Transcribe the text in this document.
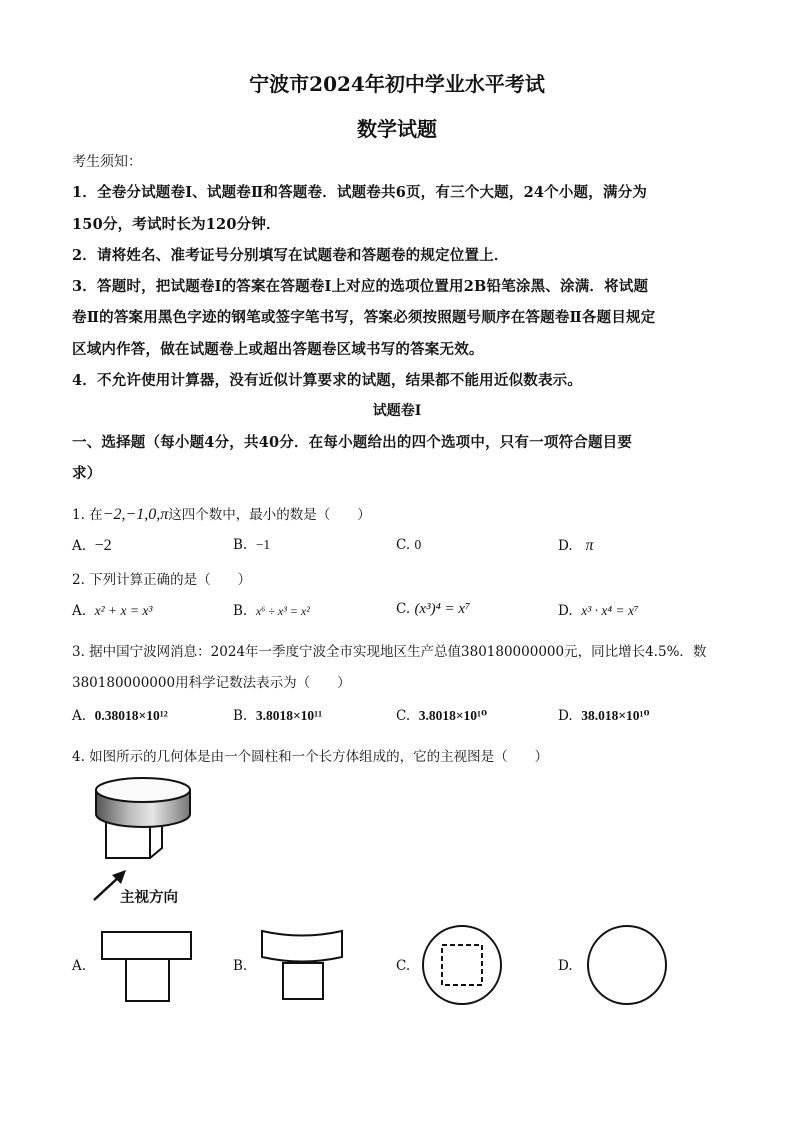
宁波市2024年初中学业水平考试
数学试题
考生须知：
1．全卷分试题卷Ⅰ、试题卷Ⅱ和答题卷．试题卷共6页，有三个大题，24个小题，满分为
150分，考试时长为120分钟．
2．请将姓名、准考证号分别填写在试题卷和答题卷的规定位置上．
3．答题时，把试题卷Ⅰ的答案在答题卷Ⅰ上对应的选项位置用2B铅笔涂黑、涂满．将试题
卷Ⅱ的答案用黑色字迹的钢笔或签字笔书写，答案必须按照题号顺序在答题卷Ⅱ各题目规定
区域内作答，做在试题卷上或超出答题卷区域书写的答案无效。
4．不允许使用计算器，没有近似计算要求的试题，结果都不能用近似数表示。
试题卷Ⅰ
一、选择题（每小题4分，共40分．在每小题给出的四个选项中，只有一项符合题目要
求）
1. 在−2,−1,0,π这四个数中，最小的数是（　　）
A. −2	B. −1	C. 0	D. π
2. 下列计算正确的是（　　）
A. x² + x = x³	B. x⁶ ÷ x³ = x²	C. (x³)⁴ = x⁷	D. x³ · x⁴ = x⁷
3. 据中国宁波网消息：2024年一季度宁波全市实现地区生产总值380180000000元，同比增长4.5%．数
380180000000用科学记数法表示为（　　）
A. 0.38018×10¹²	B. 3.8018×10¹¹	C. 3.8018×10¹⁰	D. 38.018×10¹⁰
4. 如图所示的几何体是由一个圆柱和一个长方体组成的，它的主视图是（　　）
主视方向
A.	B.	C.	D.
